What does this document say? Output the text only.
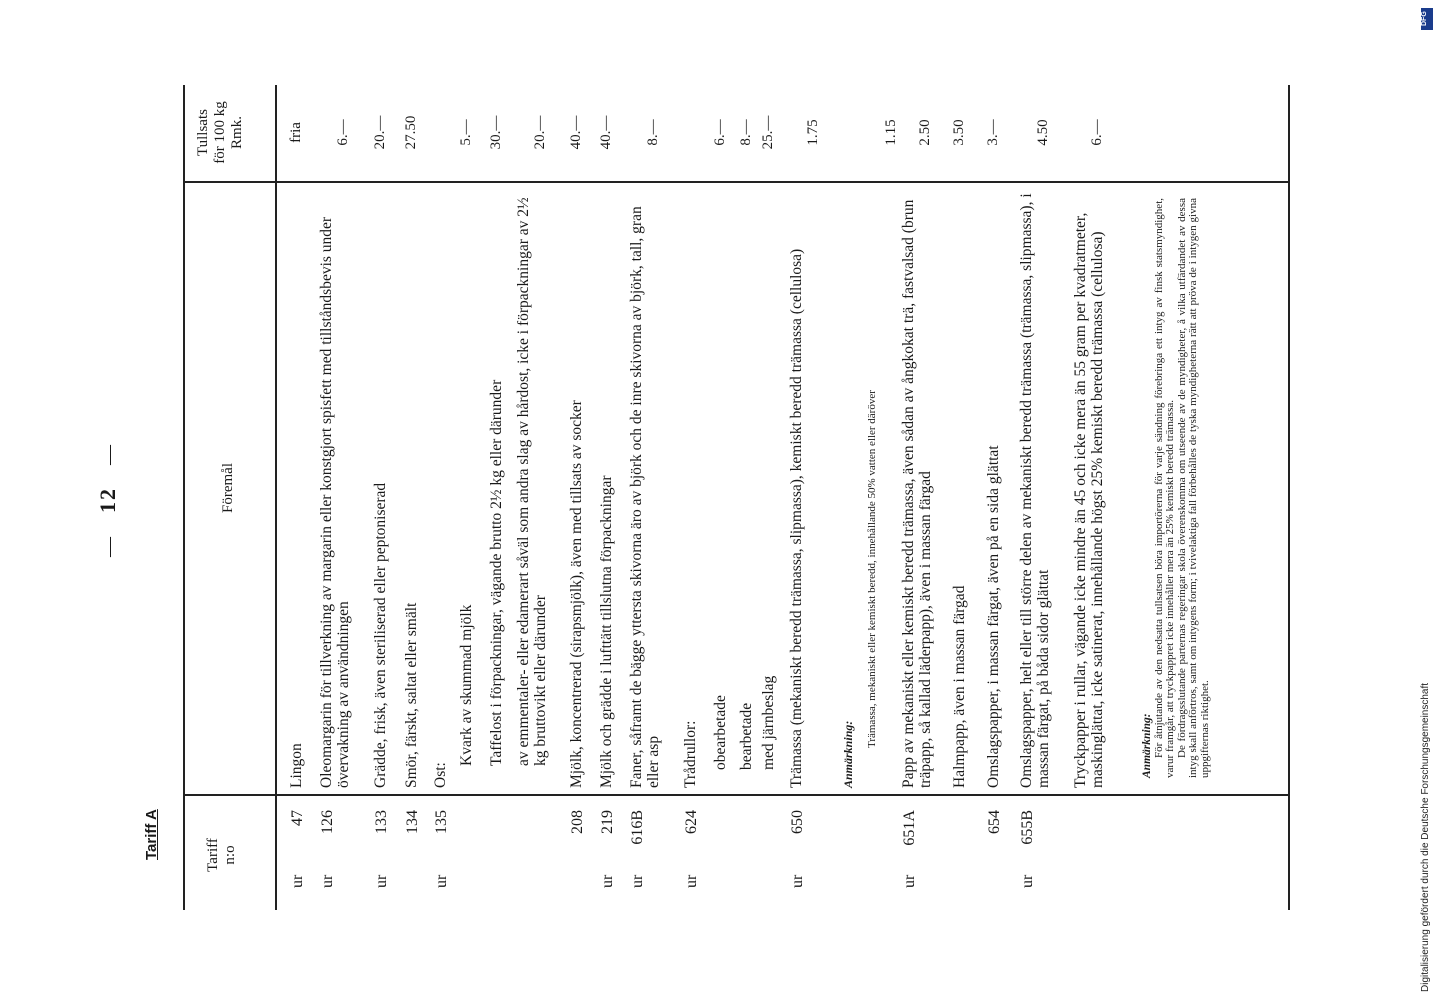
—12—
Tariff A
Anmärkning: För åtnjutande av den nedsatta tullsatsen böra importörerna för varje sändning förebringa ett intyg av finsk statsmyndighet, varur framgår, att tryckpappret icke innehåller mera än 25% kemiskt beredd trämassa. De fördragsslutande parternas regeringar skola överenskomma om utseende av de myndigheter, å vilka utfärdandet av dessa intyg skall anförtros, samt om intygens form; i tvivelaktiga fall förbehålles de tyska myndigheterna rätt att pröva de i intygen givna uppgifternas riktighet.
Tariff n:o
Föremål
Tullsats för 100 kg Rmk.
ur
47
Lingon
fria
ur
126
Oleomargarin för tillverkning av margarin eller konstgjort spisfett med tillståndsbevis under övervakning av användningen
6.—
ur
133
Grädde, frisk, även steriliserad eller peptoniserad
20.—
134
Smör, färskt, saltat eller smält
27.50
ur
135
Ost:
Kvark av skummad mjölk
5.—
Taffelost i förpackningar, vägande brutto 2½ kg eller därunder
30.—
av emmentaler- eller edamerart såväl som andra slag av hårdost, icke i förpackningar av 2½ kg bruttovikt eller därunder
20.—
208
Mjölk, koncentrerad (sirapsmjölk), även med tillsats av socker
40.—
ur
219
Mjölk och grädde i lufttätt tillslutna förpackningar
40.—
ur
616B
Faner, såframt de bägge yttersta skivorna äro av björk och de inre skivorna av björk, tall, gran eller asp
8.—
ur
624
Trådrullor: obearbetade
6.—
bearbetade
8.—
med järnbeslag
25.—
ur
650
Trämassa (mekaniskt beredd trämassa, slipmassa), kemiskt beredd trämassa (cellulosa)
1.75
Anmärkning:
Trämassa, mekaniskt eller kemiskt beredd, innehållande 50% vatten eller däröver
1.15
ur
651A
Papp av mekaniskt eller kemiskt beredd trämassa, även sådan av ångkokat trä, fastvalsad (brun träpapp, så kallad läderpapp), även i massan färgad
2.50
Halmpapp, även i massan färgad
3.50
654
Omslagspapper, i massan färgat, även på en sida glättat
3.—
ur
655B
Omslagspapper, helt eller till större delen av mekaniskt beredd trämassa (trämassa, slipmassa), i massan färgat, på båda sidor glättat
4.50
Tryckpapper i rullar, vägande icke mindre än 45 och icke mera än 55 gram per kvadratmeter, maskinglättat, icke satinerat, innehållande högst 25% kemiskt beredd trämassa (cellulosa)
6.—
DFG
Digitalisierung gefördert durch die Deutsche Forschungsgemeinschaft
